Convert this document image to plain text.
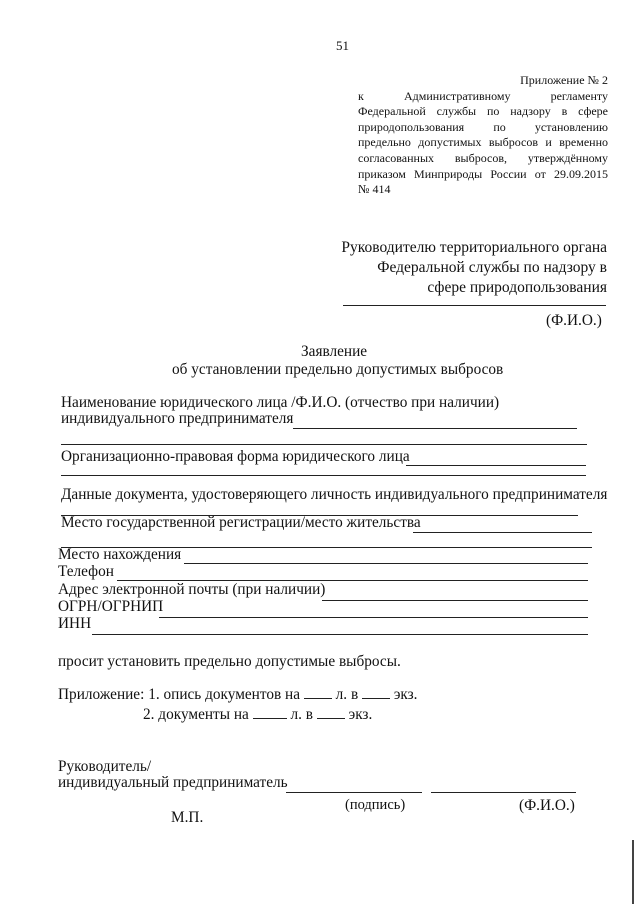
51
Приложение № 2
к Административному регламенту
Федеральной службы по надзору в сфере
природопользования по установлению
предельно допустимых выбросов и временно
согласованных выбросов, утверждённому
приказом Минприроды России от 29.09.2015
№ 414
Руководителю территориального органа
Федеральной службы по надзору в
сфере природопользования
(Ф.И.О.)
Заявление
об установлении предельно допустимых выбросов
Наименование юридического лица /Ф.И.О. (отчество при наличии)
индивидуального предпринимателя
Организационно-правовая форма юридического лица
Данные документа, удостоверяющего личность индивидуального предпринимателя
Место государственной регистрации/место жительства
Место нахождения
Телефон
Адрес электронной почты (при наличии)
ОГРН/ОГРНИП
ИНН
просит установить предельно допустимые выбросы.
Приложение: 1. опись документов на л. в экз.
2. документы на	л. в экз.
Руководитель/
индивидуальный предприниматель
(подпись)	(Ф.И.О.)
М.П.
